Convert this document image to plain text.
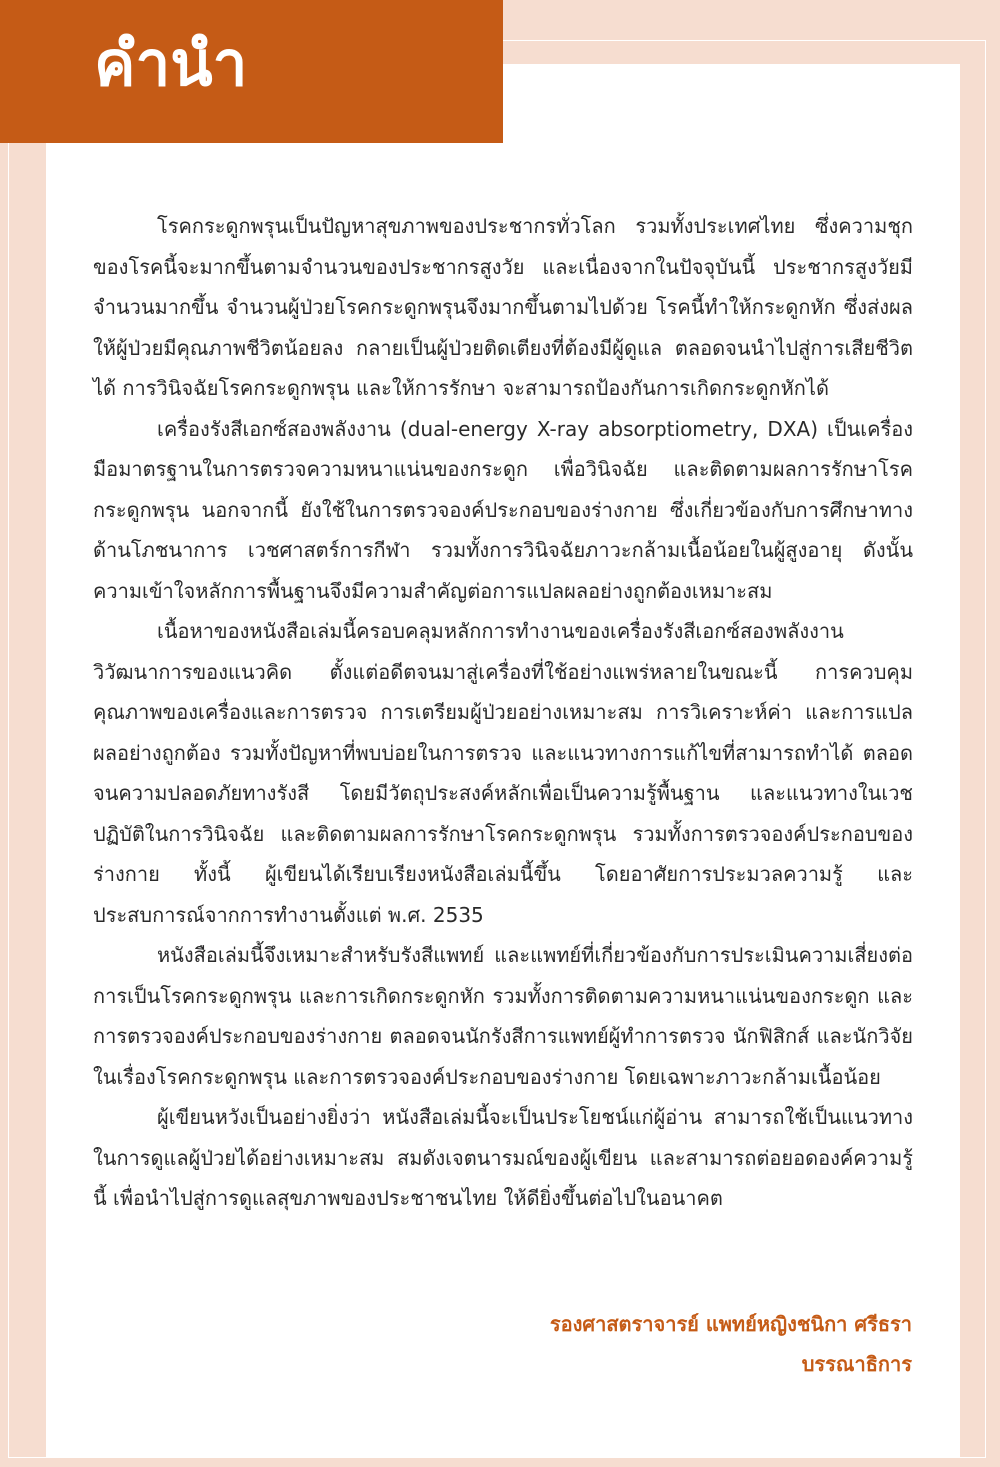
คำนำ

โรคกระดูกพรุนเป็นปัญหาสุขภาพของประชากรทั่วโลก รวมทั้งประเทศไทย ซึ่งความชุกของโรคนี้จะมากขึ้นตามจำนวนของประชากรสูงวัย และเนื่องจากในปัจจุบันนี้ ประชากรสูงวัยมีจำนวนมากขึ้น จำนวนผู้ป่วยโรคกระดูกพรุนจึงมากขึ้นตามไปด้วย โรคนี้ทำให้กระดูกหัก ซึ่งส่งผลให้ผู้ป่วยมีคุณภาพชีวิตน้อยลง กลายเป็นผู้ป่วยติดเตียงที่ต้องมีผู้ดูแล ตลอดจนนำไปสู่การเสียชีวิตได้ การวินิจฉัยโรคกระดูกพรุน และให้การรักษา จะสามารถป้องกันการเกิดกระดูกหักได้

เครื่องรังสีเอกซ์สองพลังงาน (dual-energy X-ray absorptiometry, DXA) เป็นเครื่องมือมาตรฐานในการตรวจความหนาแน่นของกระดูก เพื่อวินิจฉัย และติดตามผลการรักษาโรคกระดูกพรุน นอกจากนี้ ยังใช้ในการตรวจองค์ประกอบของร่างกาย ซึ่งเกี่ยวข้องกับการศึกษาทางด้านโภชนาการ เวชศาสตร์การกีฬา รวมทั้งการวินิจฉัยภาวะกล้ามเนื้อน้อยในผู้สูงอายุ ดังนั้น ความเข้าใจหลักการพื้นฐานจึงมีความสำคัญต่อการแปลผลอย่างถูกต้องเหมาะสม

เนื้อหาของหนังสือเล่มนี้ครอบคลุมหลักการทำงานของเครื่องรังสีเอกซ์สองพลังงาน วิวัฒนาการของแนวคิด ตั้งแต่อดีตจนมาสู่เครื่องที่ใช้อย่างแพร่หลายในขณะนี้ การควบคุมคุณภาพของเครื่องและการตรวจ การเตรียมผู้ป่วยอย่างเหมาะสม การวิเคราะห์ค่า และการแปลผลอย่างถูกต้อง รวมทั้งปัญหาที่พบบ่อยในการตรวจ และแนวทางการแก้ไขที่สามารถทำได้ ตลอดจนความปลอดภัยทางรังสี โดยมีวัตถุประสงค์หลักเพื่อเป็นความรู้พื้นฐาน และแนวทางในเวชปฏิบัติในการวินิจฉัย และติดตามผลการรักษาโรคกระดูกพรุน รวมทั้งการตรวจองค์ประกอบของร่างกาย ทั้งนี้ ผู้เขียนได้เรียบเรียงหนังสือเล่มนี้ขึ้น โดยอาศัยการประมวลความรู้ และประสบการณ์จากการทำงานตั้งแต่ พ.ศ. 2535

หนังสือเล่มนี้จึงเหมาะสำหรับรังสีแพทย์ และแพทย์ที่เกี่ยวข้องกับการประเมินความเสี่ยงต่อการเป็นโรคกระดูกพรุน และการเกิดกระดูกหัก รวมทั้งการติดตามความหนาแน่นของกระดูก และการตรวจองค์ประกอบของร่างกาย ตลอดจนนักรังสีการแพทย์ผู้ทำการตรวจ นักฟิสิกส์ และนักวิจัยในเรื่องโรคกระดูกพรุน และการตรวจองค์ประกอบของร่างกาย โดยเฉพาะภาวะกล้ามเนื้อน้อย

ผู้เขียนหวังเป็นอย่างยิ่งว่า หนังสือเล่มนี้จะเป็นประโยชน์แก่ผู้อ่าน สามารถใช้เป็นแนวทางในการดูแลผู้ป่วยได้อย่างเหมาะสม สมดังเจตนารมณ์ของผู้เขียน และสามารถต่อยอดองค์ความรู้นี้ เพื่อนำไปสู่การดูแลสุขภาพของประชาชนไทย ให้ดียิ่งขึ้นต่อไปในอนาคต

รองศาสตราจารย์ แพทย์หญิงชนิกา ศรีธรา
บรรณาธิการ
